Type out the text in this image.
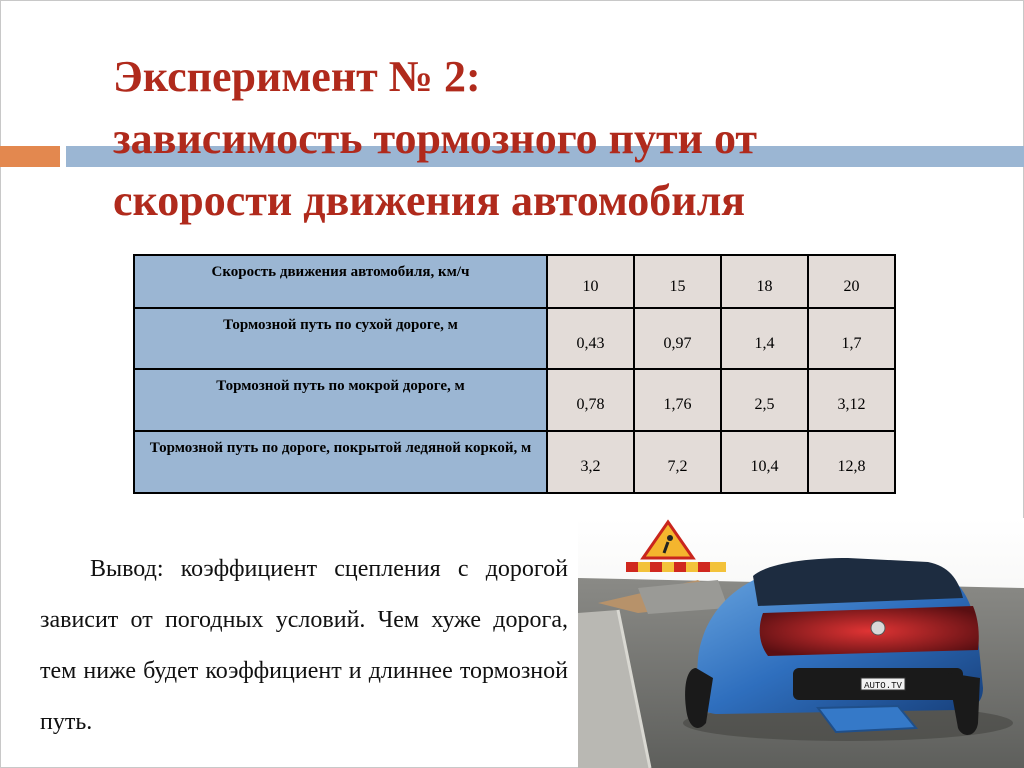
Эксперимент № 2:
зависимость тормозного пути от
скорости движения автомобиля
Скорость движения автомобиля, км/ч	10	15	18	20
Тормозной путь по сухой дороге, м	0,43	0,97	1,4	1,7
Тормозной путь по мокрой дороге, м	0,78	1,76	2,5	3,12
Тормозной путь по дороге, покрытой ледяной коркой, м	3,2	7,2	10,4	12,8

Вывод: коэффициент сцепления с дорогой зависит от погодных условий. Чем хуже дорога, тем ниже будет коэффициент и длиннее тормозной путь.

AUTO.TV
